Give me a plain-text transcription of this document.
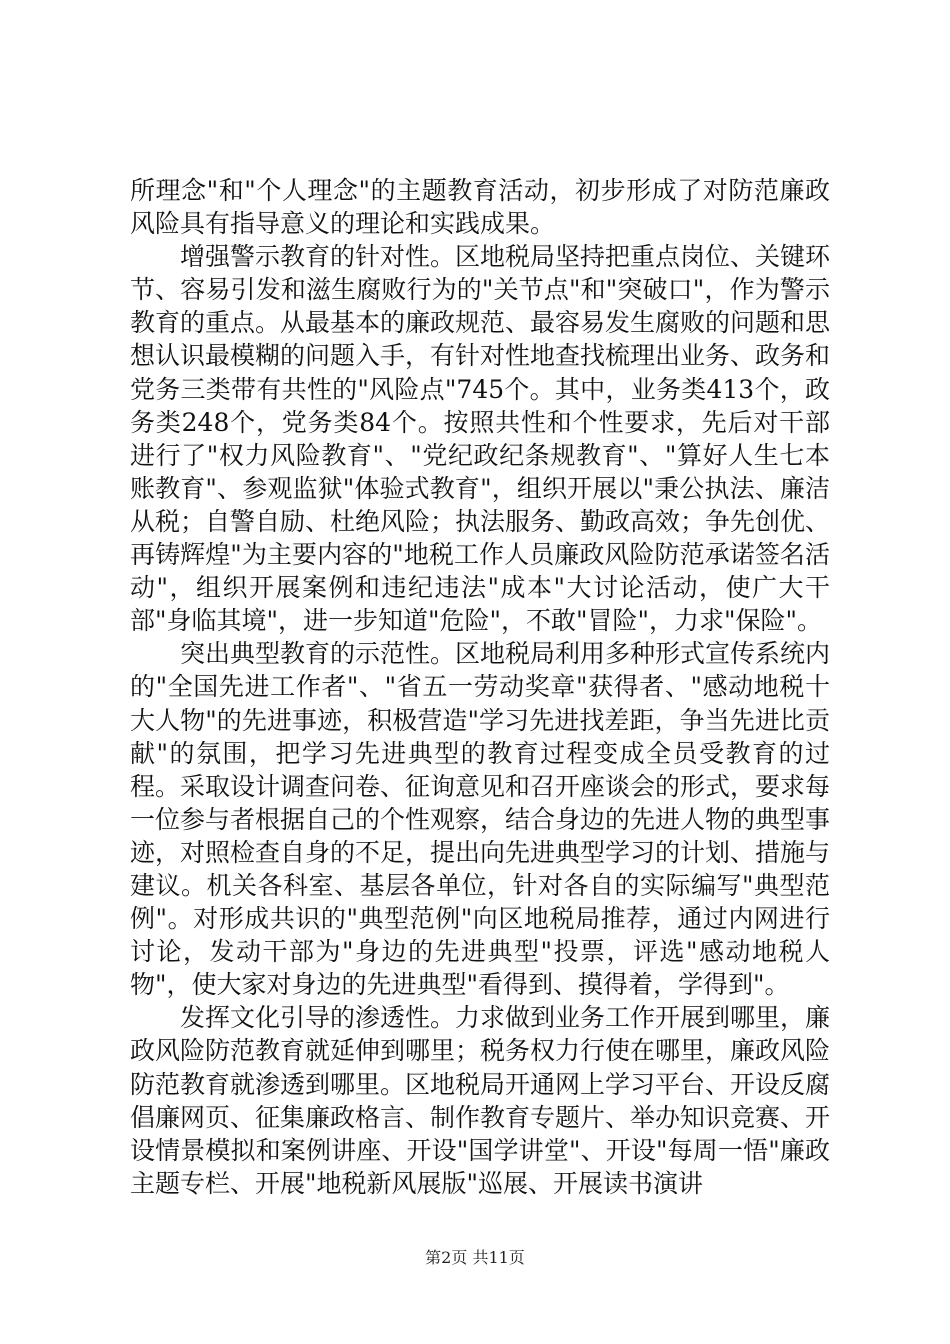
所理念"和"个人理念"的主题教育活动，初步形成了对防范廉政风险具有指导意义的理论和实践成果。

增强警示教育的针对性。区地税局坚持把重点岗位、关键环节、容易引发和滋生腐败行为的"关节点"和"突破口"，作为警示教育的重点。从最基本的廉政规范、最容易发生腐败的问题和思想认识最模糊的问题入手，有针对性地查找梳理出业务、政务和党务三类带有共性的"风险点"745个。其中，业务类413个，政务类248个，党务类84个。按照共性和个性要求，先后对干部进行了"权力风险教育"、"党纪政纪条规教育"、"算好人生七本账教育"、参观监狱"体验式教育"，组织开展以"秉公执法、廉洁从税；自警自励、杜绝风险；执法服务、勤政高效；争先创优、再铸辉煌"为主要内容的"地税工作人员廉政风险防范承诺签名活动"，组织开展案例和违纪违法"成本"大讨论活动，使广大干部"身临其境"，进一步知道"危险"，不敢"冒险"，力求"保险"。

突出典型教育的示范性。区地税局利用多种形式宣传系统内的"全国先进工作者"、"省五一劳动奖章"获得者、"感动地税十大人物"的先进事迹，积极营造"学习先进找差距，争当先进比贡献"的氛围，把学习先进典型的教育过程变成全员受教育的过程。采取设计调查问卷、征询意见和召开座谈会的形式，要求每一位参与者根据自己的个性观察，结合身边的先进人物的典型事迹，对照检查自身的不足，提出向先进典型学习的计划、措施与建议。机关各科室、基层各单位，针对各自的实际编写"典型范例"。对形成共识的"典型范例"向区地税局推荐，通过内网进行讨论，发动干部为"身边的先进典型"投票，评选"感动地税人物"，使大家对身边的先进典型"看得到、摸得着，学得到"。

发挥文化引导的渗透性。力求做到业务工作开展到哪里，廉政风险防范教育就延伸到哪里；税务权力行使在哪里，廉政风险防范教育就渗透到哪里。区地税局开通网上学习平台、开设反腐倡廉网页、征集廉政格言、制作教育专题片、举办知识竞赛、开设情景模拟和案例讲座、开设"国学讲堂"、开设"每周一悟"廉政主题专栏、开展"地税新风展版"巡展、开展读书演讲

第2页 共11页
